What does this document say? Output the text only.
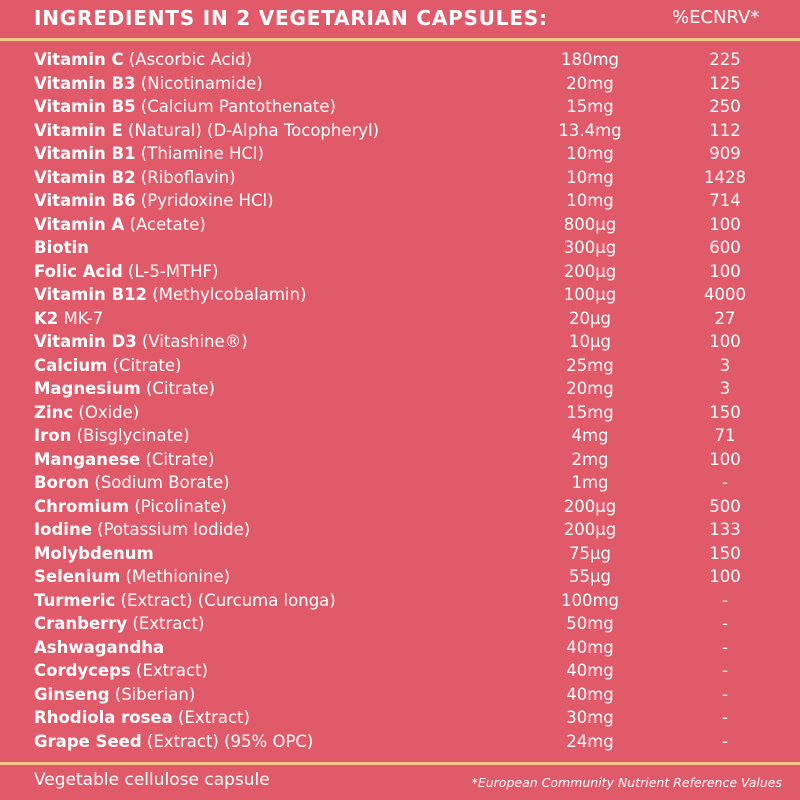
INGREDIENTS IN 2 VEGETARIAN CAPSULES:	%ECNRV*
Vitamin C (Ascorbic Acid)	180mg	225
Vitamin B3 (Nicotinamide)	20mg	125
Vitamin B5 (Calcium Pantothenate)	15mg	250
Vitamin E (Natural) (D-Alpha Tocopheryl)	13.4mg	112
Vitamin B1 (Thiamine HCl)	10mg	909
Vitamin B2 (Riboflavin)	10mg	1428
Vitamin B6 (Pyridoxine HCl)	10mg	714
Vitamin A (Acetate)	800µg	100
Biotin	300µg	600
Folic Acid (L-5-MTHF)	200µg	100
Vitamin B12 (Methylcobalamin)	100µg	4000
K2 MK-7	20µg	27
Vitamin D3 (Vitashine®)	10µg	100
Calcium (Citrate)	25mg	3
Magnesium (Citrate)	20mg	3
Zinc (Oxide)	15mg	150
Iron (Bisglycinate)	4mg	71
Manganese (Citrate)	2mg	100
Boron (Sodium Borate)	1mg	-
Chromium (Picolinate)	200µg	500
Iodine (Potassium Iodide)	200µg	133
Molybdenum	75µg	150
Selenium (Methionine)	55µg	100
Turmeric (Extract) (Curcuma longa)	100mg	-
Cranberry (Extract)	50mg	-
Ashwagandha	40mg	-
Cordyceps (Extract)	40mg	-
Ginseng (Siberian)	40mg	-
Rhodiola rosea (Extract)	30mg	-
Grape Seed (Extract) (95% OPC)	24mg	-
Vegetable cellulose capsule	*European Community Nutrient Reference Values
